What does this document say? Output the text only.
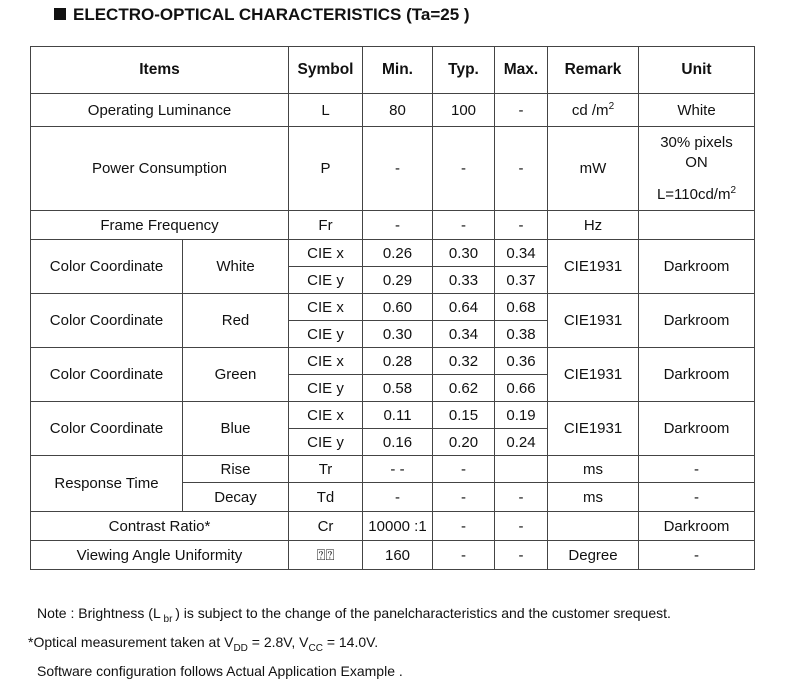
ELECTRO-OPTICAL CHARACTERISTICS (Ta=25 )
Items		Symbol	Min.	Typ.	Max.	Remark	Unit
Operating Luminance		L	80	100	-	cd $/m^2$	White
Power Consumption		P	-	-	-	mW	30% pixels
ON
$L=110cd/m^2$

Frame Frequency		Fr	-	-	-	Hz	
Color Coordinate	White	CIE x	0.26	0.30	0.34	CIE1931	Darkroom
		CIE y	0.29	0.33	0.37		
Color Coordinate	Red	CIE x	0.60	0.64	0.68	CIE1931	Darkroom
		CIE y	0.30	0.34	0.38		
Color Coordinate	Green	CIE x	0.28	0.32	0.36	CIE1931	Darkroom
		CIE y	0.58	0.62	0.66		
Color Coordinate	Blue	CIE x	0.11	0.15	0.19	CIE1931	Darkroom
		CIE y	0.16	0.20	0.24		
Response Time	Rise	Tr	- -	-		ms	-
	Decay	Td	-	-	-	ms	-
Contrast Ratio*		Cr	10000 :1	-	-		Darkroom
Viewing Angle Uniformity		⍰⍰	160	-	-	Degree	-
Note : Brightness (L $_{br}$ ) is subject to the change of the panelcharacteristics and the customer srequest.
*Optical measurement taken at $V_{DD} = 2.8V$, $V_{CC} = 14.0V$.
Software configuration follows Actual Application Example .
